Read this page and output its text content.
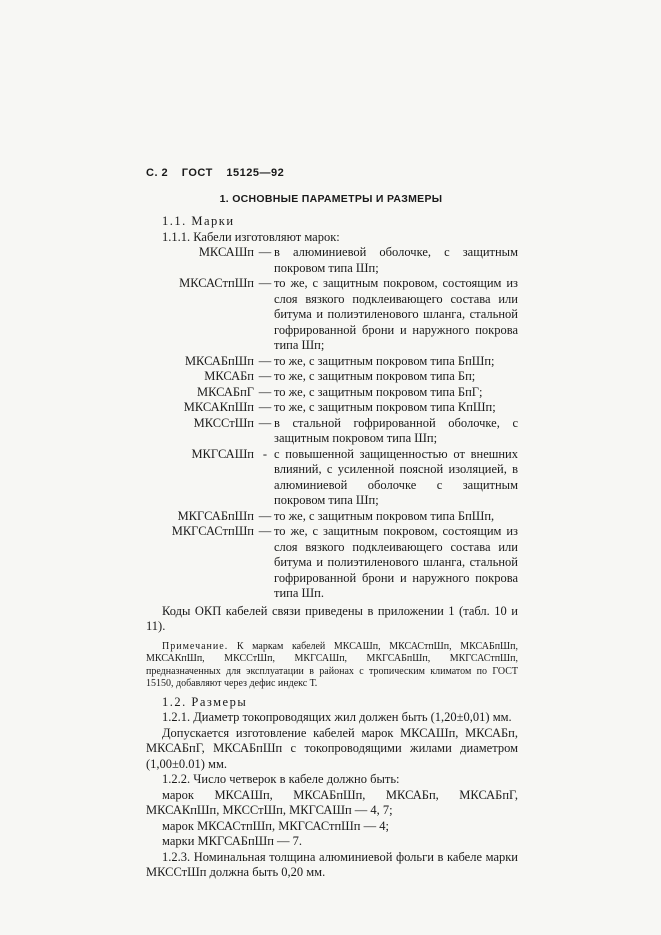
С. 2 ГОСТ 15125—92
1. ОСНОВНЫЕ ПАРАМЕТРЫ И РАЗМЕРЫ

1.1. Марки

1.1.1. Кабели изготовляют марок:

МКСАШп	—	в алюминиевой оболочке, с защитным покровом типа Шп;
МКСАСтпШп	—	то же, с защитным покровом, состоящим из слоя вязкого подклеивающего состава или битума и полиэтиленового шланга, стальной гофрированной брони и наружного покрова типа Шп;
МКСАБпШп	—	то же, с защитным покровом типа БпШп;
МКСАБп	—	то же, с защитным покровом типа Бп;
МКСАБпГ	—	то же, с защитным покровом типа БпГ;
МКСАКпШп	—	то же, с защитным покровом типа КпШп;
МКССтШп	—	в стальной гофрированной оболочке, с защитным покровом типа Шп;
МКГСАШп	-	с повышенной защищенностью от внешних влияний, с усиленной поясной изоляцией, в алюминиевой оболочке с защитным покровом типа Шп;
МКГСАБпШп	—	то же, с защитным покровом типа БпШп,
МКГСАСтпШп	—	то же, с защитным покровом, состоящим из слоя вязкого подклеивающего состава или битума и полиэтиленового шланга, стальной гофрированной брони и наружного покрова типа Шп.

Коды ОКП кабелей связи приведены в приложении 1 (табл. 10 и 11).

Примечание. К маркам кабелей МКСАШп, МКСАСтпШп, МКСАБпШп, МКСАКпШп, МКССтШп, МКГСАШп, МКГСАБпШп, МКГСАСтпШп, предназначенных для эксплуатации в районах с тропическим климатом по ГОСТ 15150, добавляют через дефис индекс Т.

1.2. Размеры

1.2.1. Диаметр токопроводящих жил должен быть (1,20±0,01) мм.

Допускается изготовление кабелей марок МКСАШп, МКСАБп, МКСАБпГ, МКСАБпШп с токопроводящими жилами диаметром (1,00±0.01) мм.

1.2.2. Число четверок в кабеле должно быть:

марок МКСАШп, МКСАБпШп, МКСАБп, МКСАБпГ, МКСАКпШп, МКССтШп, МКГСАШп — 4, 7;

марок МКСАСтпШп, МКГСАСтпШп — 4;

марки МКГСАБпШп — 7.

1.2.3. Номинальная толщина алюминиевой фольги в кабеле марки МКССтШп должна быть 0,20 мм.
